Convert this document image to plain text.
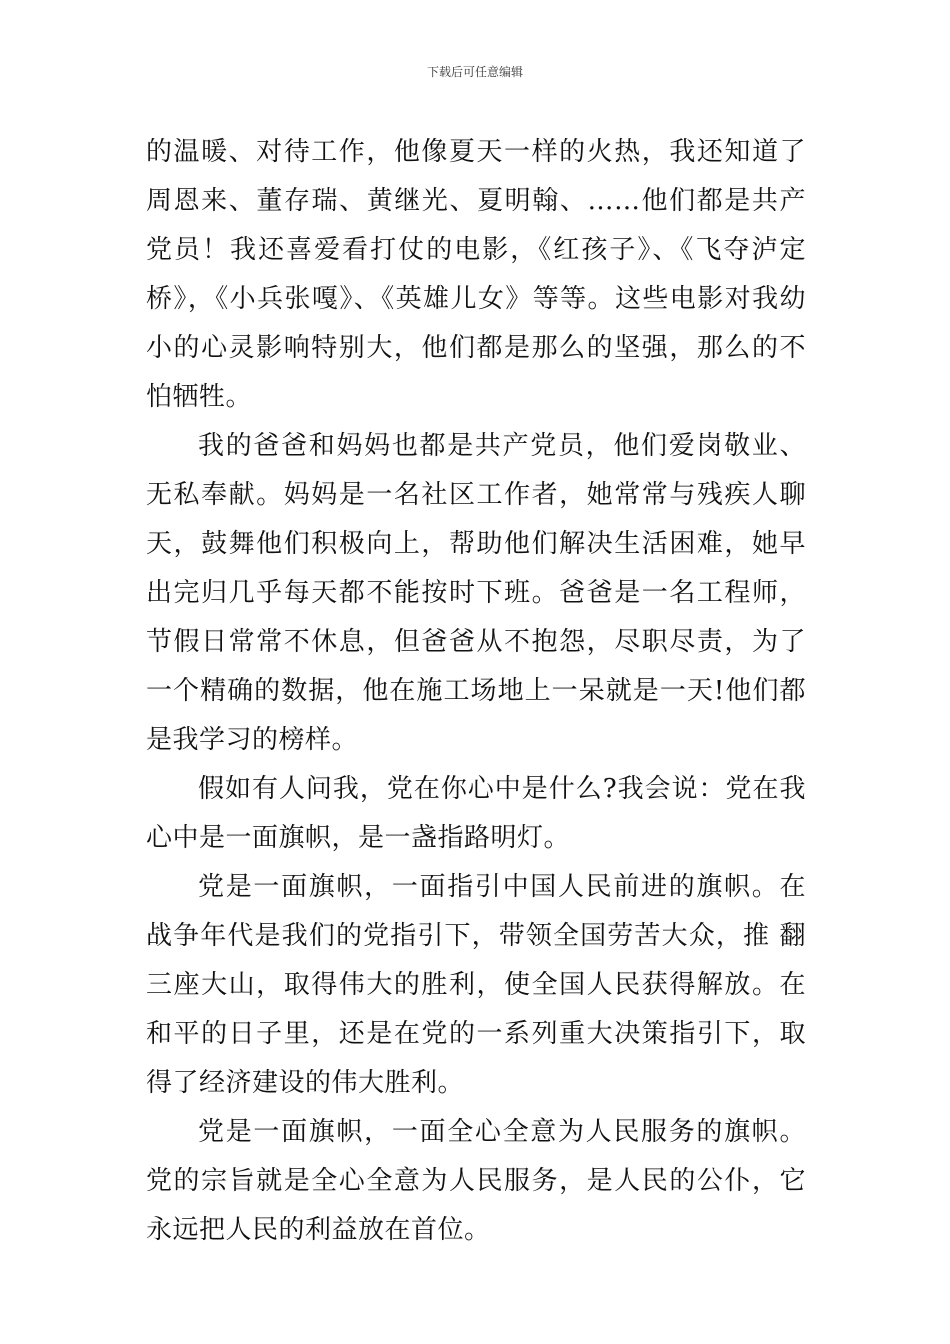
下载后可任意编辑

的温暖、对待工作，他像夏天一样的火热，我还知道了周恩来、董存瑞、黄继光、夏明翰、……他们都是共产党员！我还喜爱看打仗的电影，《红孩子》、《飞夺泸定桥》，《小兵张嘎》、《英雄儿女》等等。这些电影对我幼小的心灵影响特别大，他们都是那么的坚强，那么的不怕牺牲。

我的爸爸和妈妈也都是共产党员，他们爱岗敬业、无私奉献。妈妈是一名社区工作者，她常常与残疾人聊天，鼓舞他们积极向上，帮助他们解决生活困难，她早出完归几乎每天都不能按时下班。爸爸是一名工程师，节假日常常不休息，但爸爸从不抱怨，尽职尽责，为了一个精确的数据，他在施工场地上一呆就是一天!他们都是我学习的榜样。

假如有人问我，党在你心中是什么?我会说：党在我心中是一面旗帜，是一盏指路明灯。

党是一面旗帜，一面指引中国人民前进的旗帜。在战争年代是我们的党指引下，带领全国劳苦大众，推 翻三座大山，取得伟大的胜利，使全国人民获得解放。在和平的日子里，还是在党的一系列重大决策指引下，取得了经济建设的伟大胜利。

党是一面旗帜，一面全心全意为人民服务的旗帜。党的宗旨就是全心全意为人民服务，是人民的公仆，它永远把人民的利益放在首位。
